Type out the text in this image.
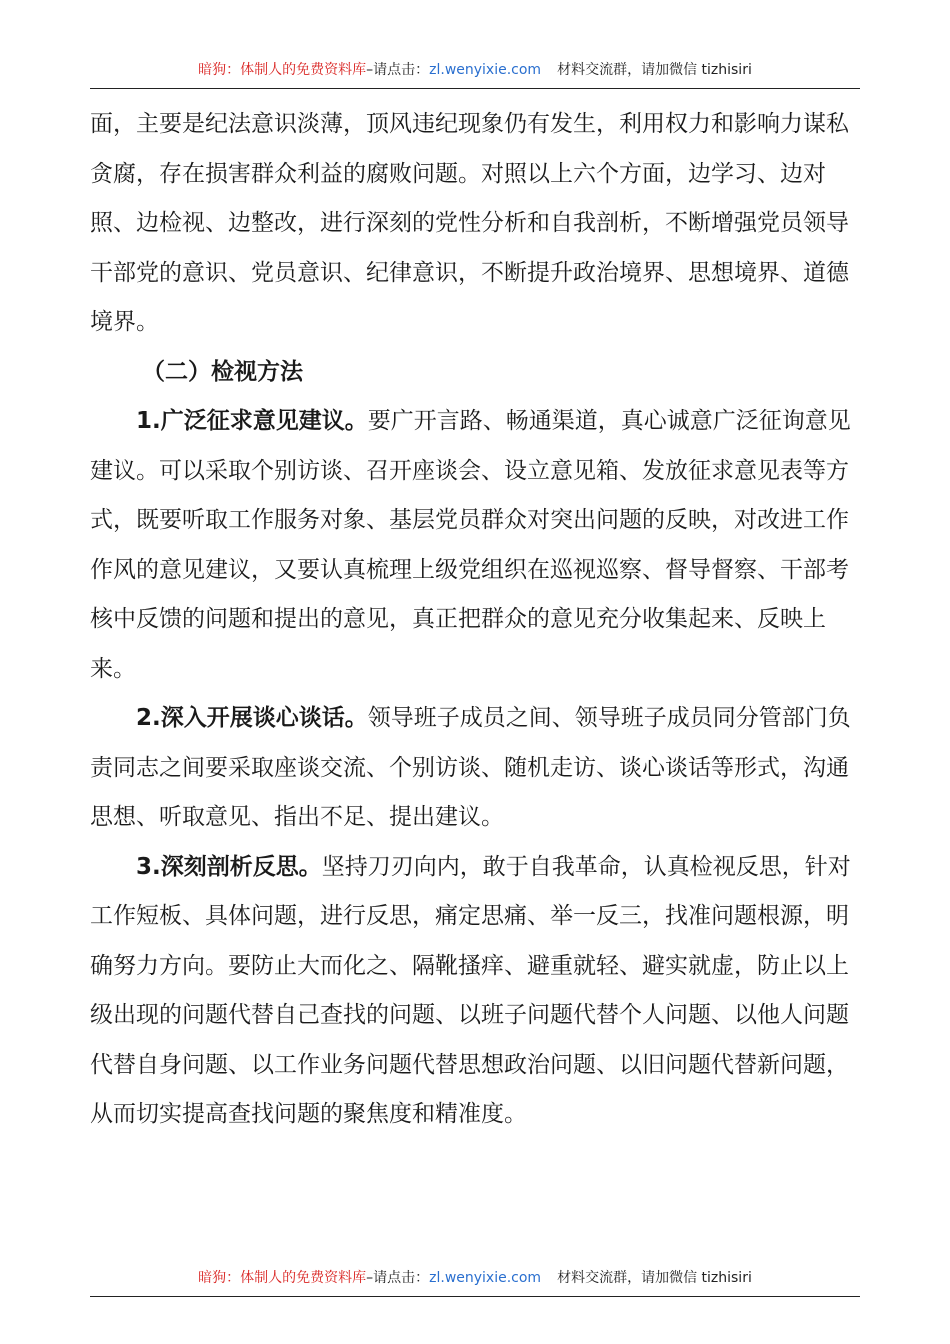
暗狗：体制人的免费资料库–请点击：zl.wenyixie.com 材料交流群，请加微信 tizhisiri

面，主要是纪法意识淡薄，顶风违纪现象仍有发生，利用权力和影响力谋私贪腐，存在损害群众利益的腐败问题。对照以上六个方面，边学习、边对照、边检视、边整改，进行深刻的党性分析和自我剖析，不断增强党员领导干部党的意识、党员意识、纪律意识，不断提升政治境界、思想境界、道德境界。

（二）检视方法

1.广泛征求意见建议。要广开言路、畅通渠道，真心诚意广泛征询意见建议。可以采取个别访谈、召开座谈会、设立意见箱、发放征求意见表等方式，既要听取工作服务对象、基层党员群众对突出问题的反映，对改进工作作风的意见建议，又要认真梳理上级党组织在巡视巡察、督导督察、干部考核中反馈的问题和提出的意见，真正把群众的意见充分收集起来、反映上来。

2.深入开展谈心谈话。领导班子成员之间、领导班子成员同分管部门负责同志之间要采取座谈交流、个别访谈、随机走访、谈心谈话等形式，沟通思想、听取意见、指出不足、提出建议。

3.深刻剖析反思。坚持刀刃向内，敢于自我革命，认真检视反思，针对工作短板、具体问题，进行反思，痛定思痛、举一反三，找准问题根源，明确努力方向。要防止大而化之、隔靴搔痒、避重就轻、避实就虚，防止以上级出现的问题代替自己查找的问题、以班子问题代替个人问题、以他人问题代替自身问题、以工作业务问题代替思想政治问题、以旧问题代替新问题，从而切实提高查找问题的聚焦度和精准度。

暗狗：体制人的免费资料库–请点击：zl.wenyixie.com 材料交流群，请加微信 tizhisiri
